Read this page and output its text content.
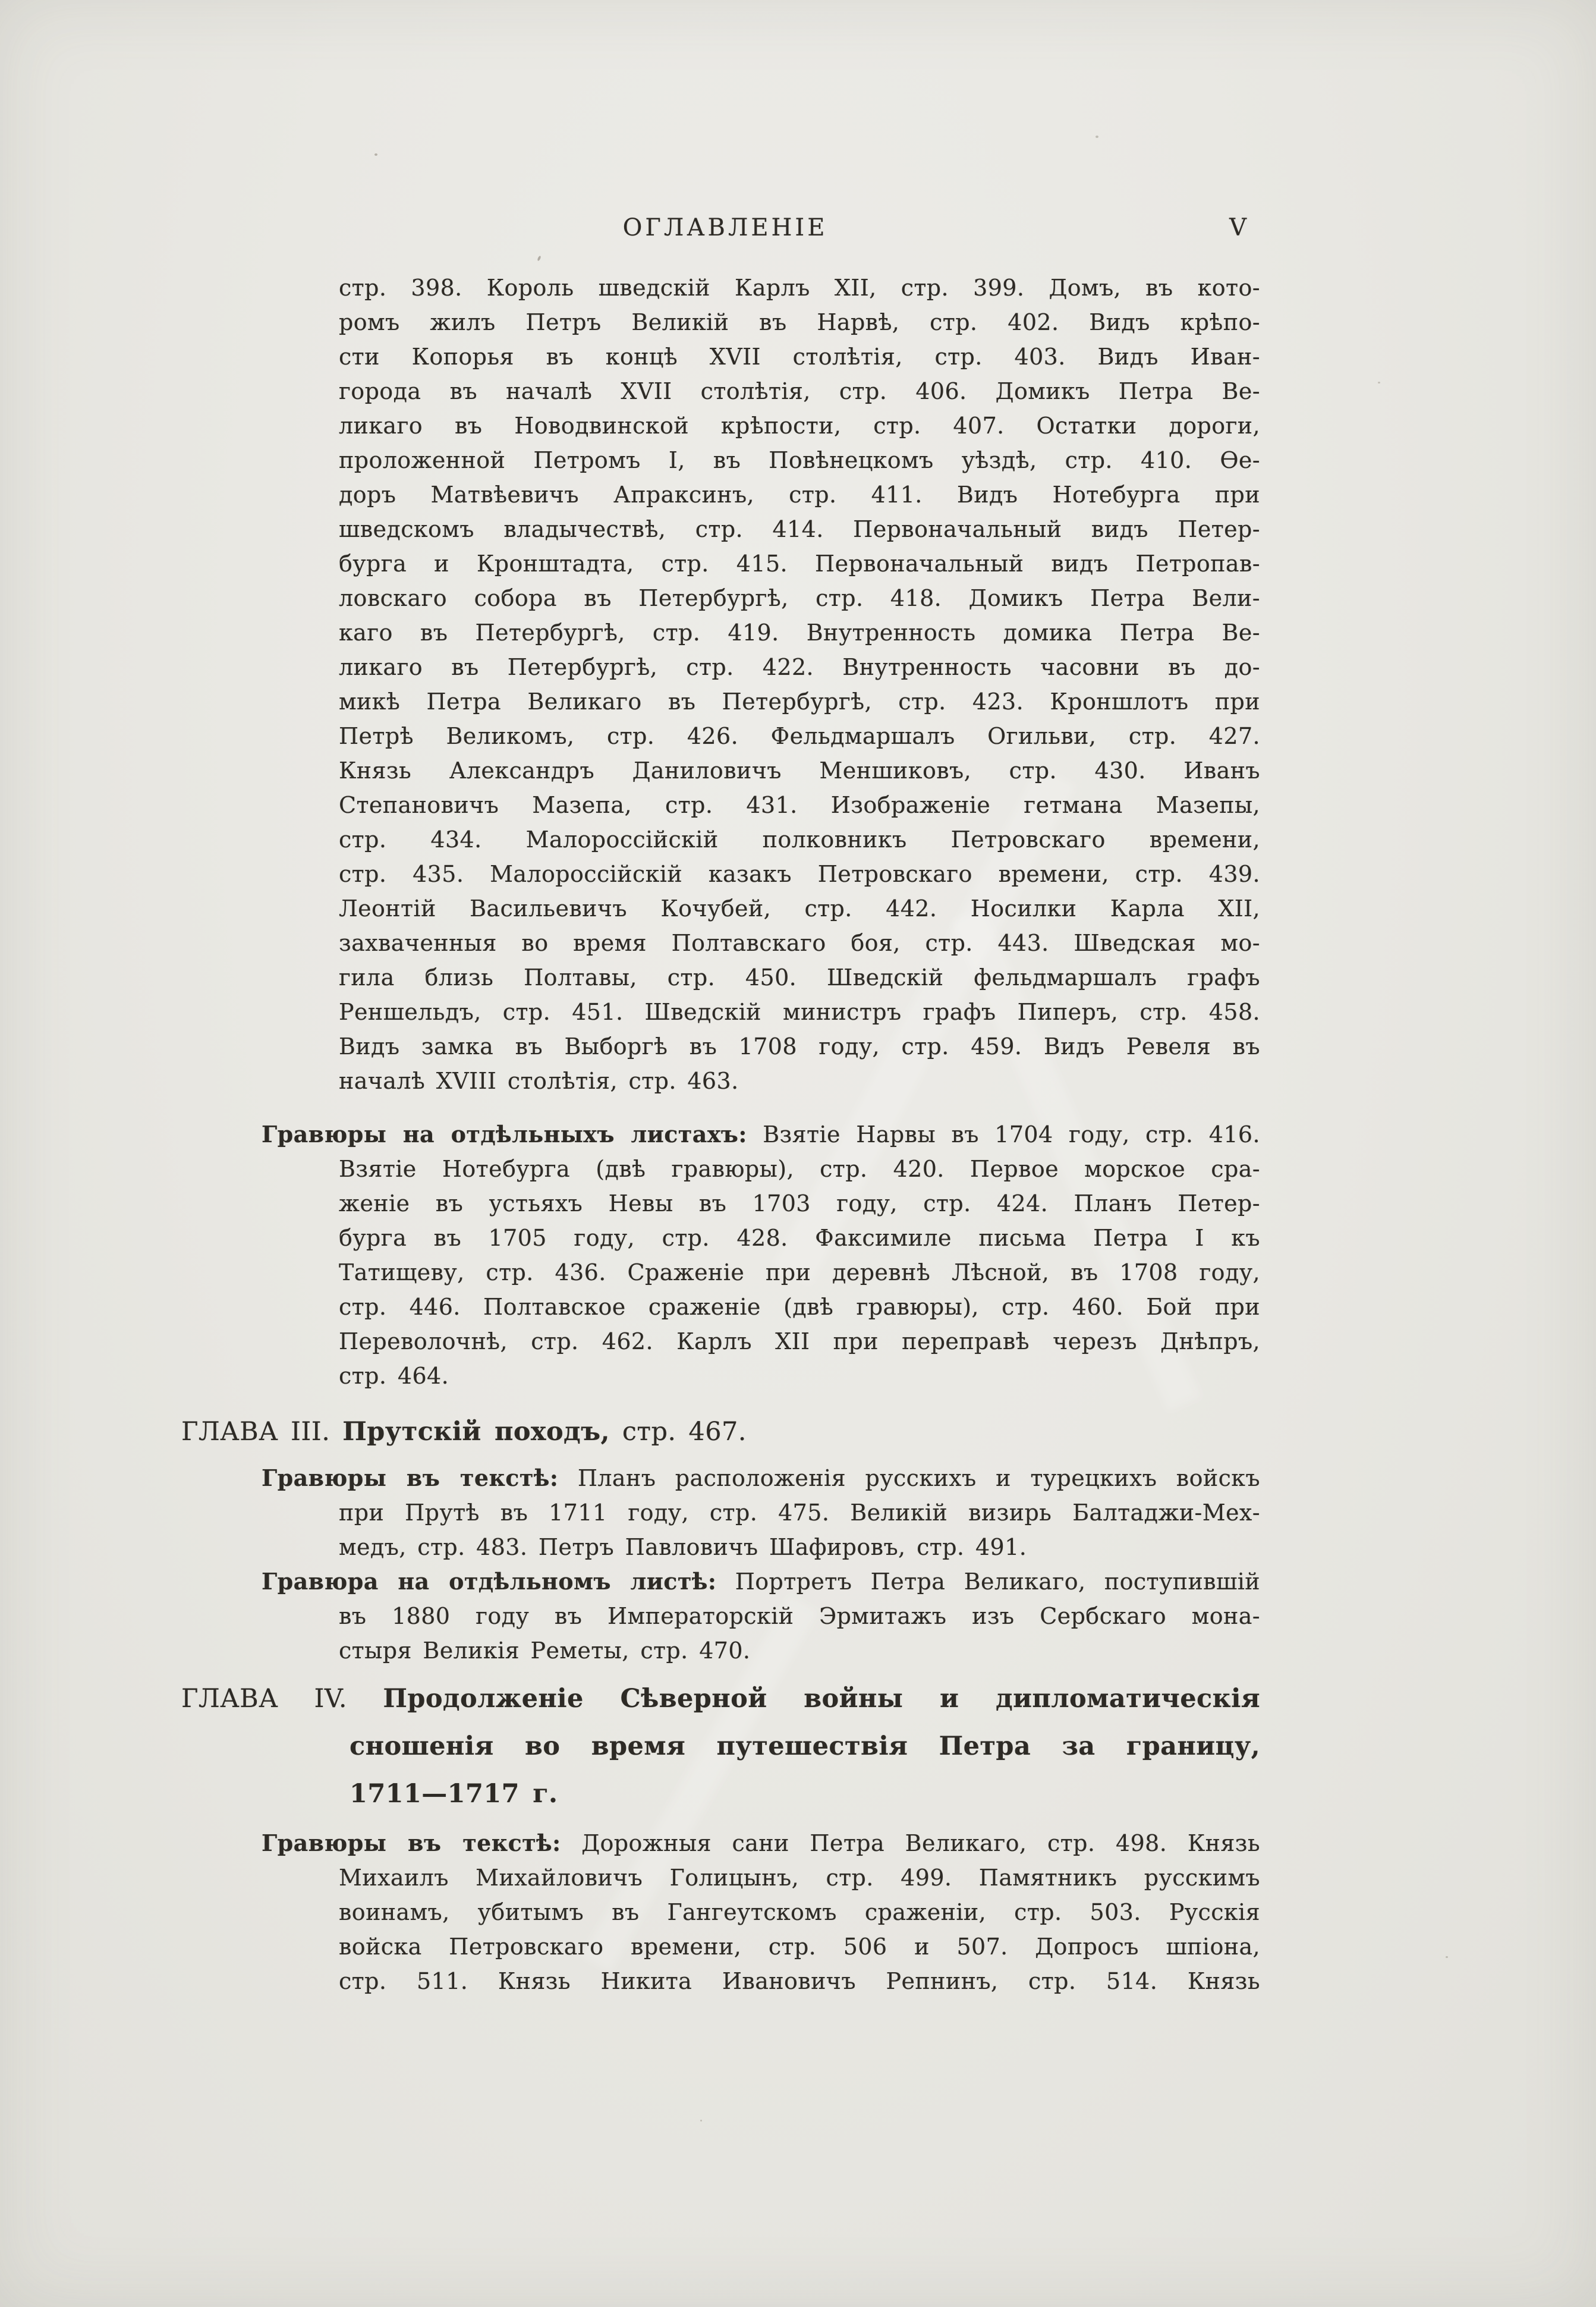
ОГЛАВЛЕНІЕ	V
стр. 398. Король шведскій Карлъ XII, стр. 399. Домъ, въ кото-
ромъ жилъ Петръ Великій въ Нарвѣ, стр. 402. Видъ крѣпо-
сти Копорья въ концѣ XVII столѣтія, стр. 403. Видъ Иван-
города въ началѣ XVII столѣтія, стр. 406. Домикъ Петра Ве-
ликаго въ Новодвинской крѣпости, стр. 407. Остатки дороги,
проложенной Петромъ I, въ Повѣнецкомъ уѣздѣ, стр. 410. Ѳе-
доръ Матвѣевичъ Апраксинъ, стр. 411. Видъ Нотебурга при
шведскомъ владычествѣ, стр. 414. Первоначальный видъ Петер-
бурга и Кронштадта, стр. 415. Первоначальный видъ Петропав-
ловскаго собора въ Петербургѣ, стр. 418. Домикъ Петра Вели-
каго въ Петербургѣ, стр. 419. Внутренность домика Петра Ве-
ликаго въ Петербургѣ, стр. 422. Внутренность часовни въ до-
микѣ Петра Великаго въ Петербургѣ, стр. 423. Кроншлотъ при
Петрѣ Великомъ, стр. 426. Фельдмаршалъ Огильви, стр. 427.
Князь Александръ Даниловичъ Меншиковъ, стр. 430. Иванъ
Степановичъ Мазепа, стр. 431. Изображеніе гетмана Мазепы,
стр. 434. Малороссійскій полковникъ Петровскаго времени,
стр. 435. Малороссійскій казакъ Петровскаго времени, стр. 439.
Леонтій Васильевичъ Кочубей, стр. 442. Носилки Карла XII,
захваченныя во время Полтавскаго боя, стр. 443. Шведская мо-
гила близь Полтавы, стр. 450. Шведскій фельдмаршалъ графъ
Реншельдъ, стр. 451. Шведскій министръ графъ Пиперъ, стр. 458.
Видъ замка въ Выборгѣ въ 1708 году, стр. 459. Видъ Ревеля въ
началѣ XVIII столѣтія, стр. 463.
Гравюры на отдѣльныхъ листахъ: Взятіе Нарвы въ 1704 году, стр. 416.
Взятіе Нотебурга (двѣ гравюры), стр. 420. Первое морское сра-
женіе въ устьяхъ Невы въ 1703 году, стр. 424. Планъ Петер-
бурга въ 1705 году, стр. 428. Факсимиле письма Петра I къ
Татищеву, стр. 436. Сраженіе при деревнѣ Лѣсной, въ 1708 году,
стр. 446. Полтавское сраженіе (двѣ гравюры), стр. 460. Бой при
Переволочнѣ, стр. 462. Карлъ XII при переправѣ черезъ Днѣпръ,
стр. 464.
ГЛАВА III. Прутскій походъ, стр. 467.
Гравюры въ текстѣ: Планъ расположенія русскихъ и турецкихъ войскъ
при Прутѣ въ 1711 году, стр. 475. Великій визирь Балтаджи-Мех-
медъ, стр. 483. Петръ Павловичъ Шафировъ, стр. 491.
Гравюра на отдѣльномъ листѣ: Портретъ Петра Великаго, поступившій
въ 1880 году въ Императорскій Эрмитажъ изъ Сербскаго мона-
стыря Великія Реметы, стр. 470.
ГЛАВА IV. Продолженіе Сѣверной войны и дипломатическія
сношенія во время путешествія Петра за границу,
1711—1717 г.
Гравюры въ текстѣ: Дорожныя сани Петра Великаго, стр. 498. Князь
Михаилъ Михайловичъ Голицынъ, стр. 499. Памятникъ русскимъ
воинамъ, убитымъ въ Гангеутскомъ сраженіи, стр. 503. Русскія
войска Петровскаго времени, стр. 506 и 507. Допросъ шпіона,
стр. 511. Князь Никита Ивановичъ Репнинъ, стр. 514. Князь
